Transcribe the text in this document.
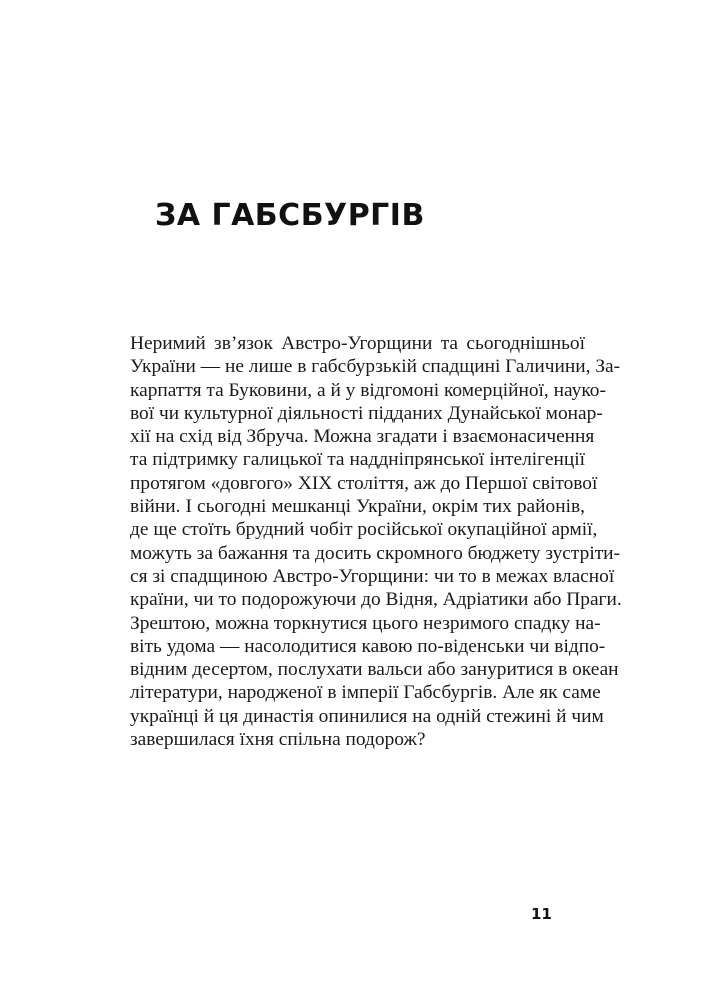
ЗА ГАБСБУРГІВ
Неримий зв’язок Австро-Угорщини та сьогоднішньої
України — не лише в габсбурзькій спадщині Галичини, За-
карпаття та Буковини, а й у відгомоні комерційної, науко-
вої чи культурної діяльності підданих Дунайської монар-
хії на схід від Збруча. Можна згадати і взаємонасичення
та підтримку галицької та наддніпрянської інтелігенції
протягом «довгого» XIX століття, аж до Першої світової
війни. І сьогодні мешканці України, окрім тих районів,
де ще стоїть брудний чобіт російської окупаційної армії,
можуть за бажання та досить скромного бюджету зустріти-
ся зі спадщиною Австро-Угорщини: чи то в межах власної
країни, чи то подорожуючи до Відня, Адріатики або Праги.
Зрештою, можна торкнутися цього незримого спадку на-
віть удома — насолодитися кавою по-віденськи чи відпо-
відним десертом, послухати вальси або зануритися в океан
літератури, народженої в імперії Габсбургів. Але як саме
українці й ця династія опинилися на одній стежині й чим
завершилася їхня спільна подорож?
11
